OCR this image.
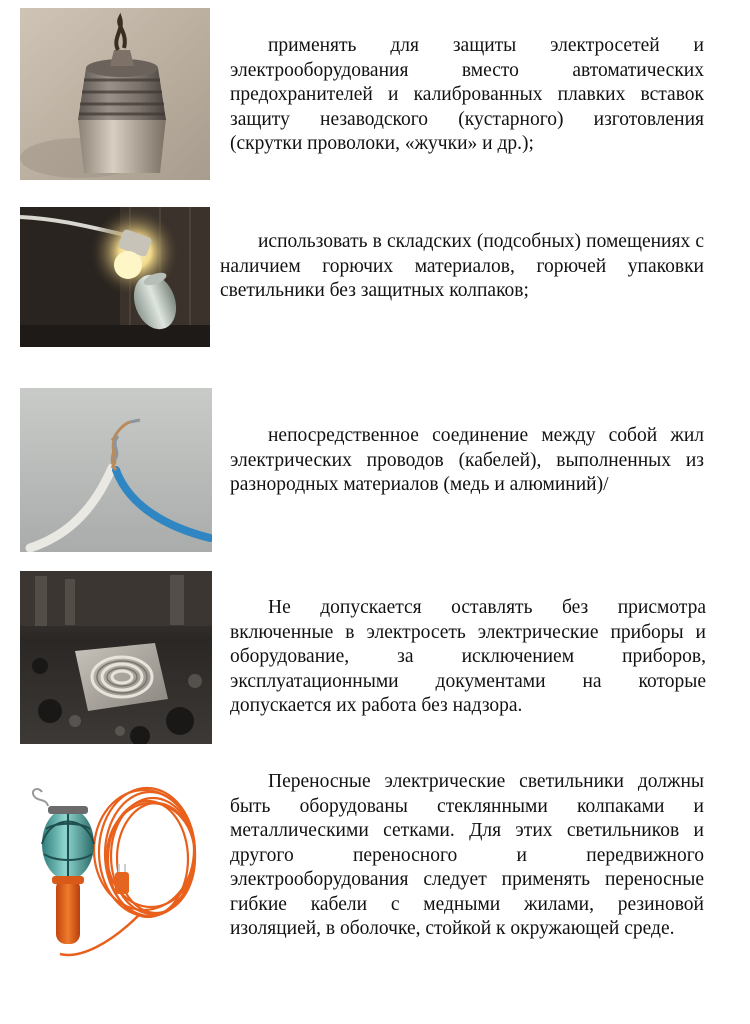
применять для защиты электросетей и электрооборудования вместо автоматических предохранителей и калиброванных плавких вставок защиту незаводского (кустарного) изготовления (скрутки проволоки, «жучки» и др.);

использовать в складских (подсобных) помещениях с наличием горючих материалов, горючей упаковки светильники без защитных колпаков;

непосредственное соединение между собой жил электрических проводов (кабелей), выполненных из разнородных материалов (медь и алюминий)/

Не допускается оставлять без присмотра включенные в электросеть электрические приборы и оборудование, за исключением приборов, эксплуатационными документами на которые допускается их работа без надзора.

Переносные электрические светильники должны быть оборудованы стеклянными колпаками и металлическими сетками. Для этих светильников и другого переносного и передвижного электрооборудования следует применять переносные гибкие кабели с медными жилами, резиновой изоляцией, в оболочке, стойкой к окружающей среде.
